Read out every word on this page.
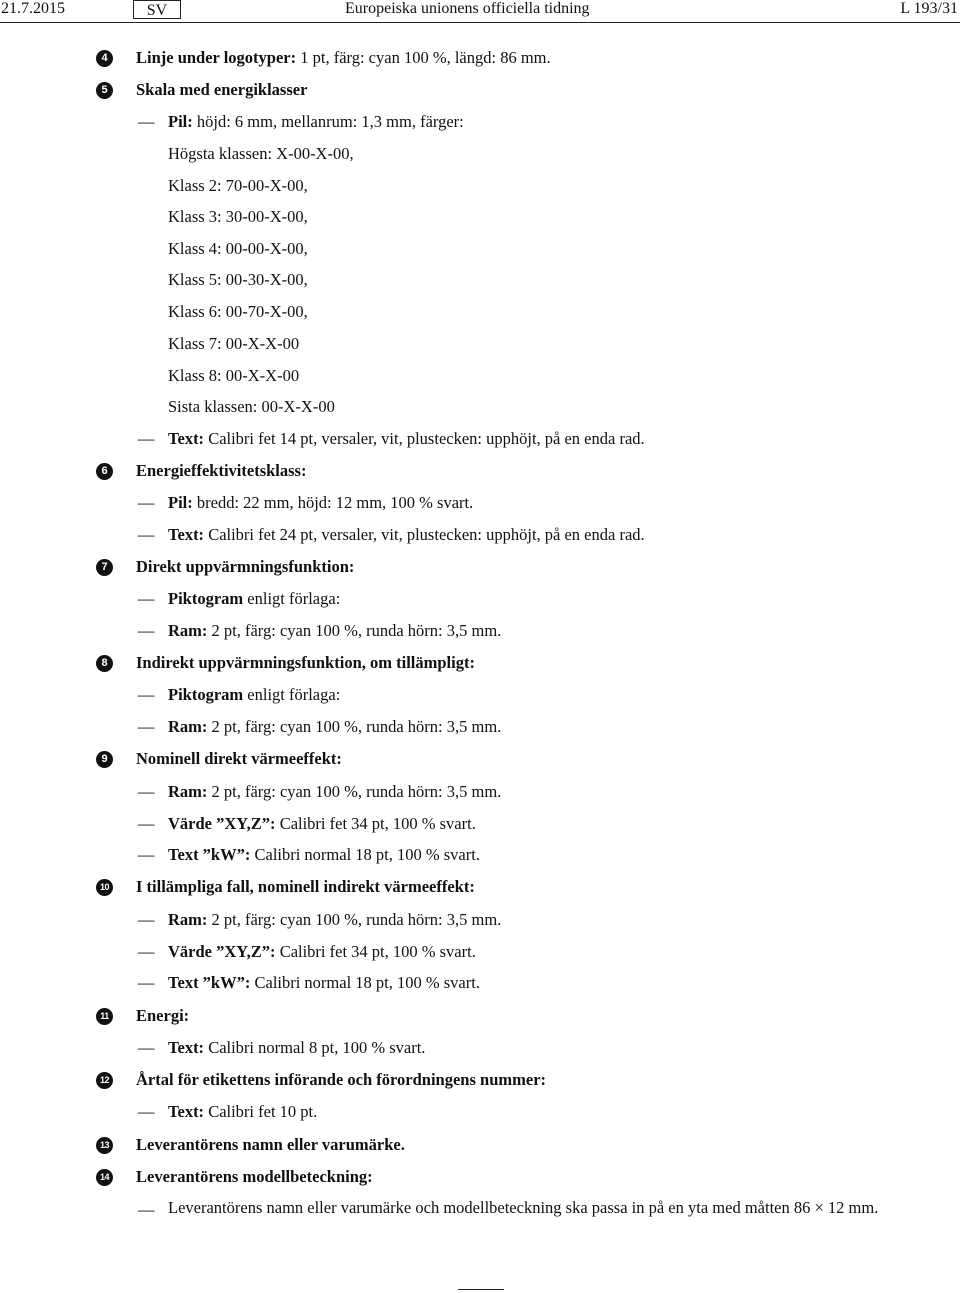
21.7.2015	SV	Europeiska unionens officiella tidning	L 193/31
4	Linje under logotyper: 1 pt, färg: cyan 100 %, längd: 86 mm.
5	Skala med energiklasser
— Pil: höjd: 6 mm, mellanrum: 1,3 mm, färger:
Högsta klassen: X-00-X-00,
Klass 2: 70-00-X-00,
Klass 3: 30-00-X-00,
Klass 4: 00-00-X-00,
Klass 5: 00-30-X-00,
Klass 6: 00-70-X-00,
Klass 7: 00-X-X-00
Klass 8: 00-X-X-00
Sista klassen: 00-X-X-00
— Text: Calibri fet 14 pt, versaler, vit, plustecken: upphöjt, på en enda rad.
6	Energieffektivitetsklass:
— Pil: bredd: 22 mm, höjd: 12 mm, 100 % svart.
— Text: Calibri fet 24 pt, versaler, vit, plustecken: upphöjt, på en enda rad.
7	Direkt uppvärmningsfunktion:
— Piktogram enligt förlaga:
— Ram: 2 pt, färg: cyan 100 %, runda hörn: 3,5 mm.
8	Indirekt uppvärmningsfunktion, om tillämpligt:
— Piktogram enligt förlaga:
— Ram: 2 pt, färg: cyan 100 %, runda hörn: 3,5 mm.
9	Nominell direkt värmeeffekt:
— Ram: 2 pt, färg: cyan 100 %, runda hörn: 3,5 mm.
— Värde ”XY,Z”: Calibri fet 34 pt, 100 % svart.
— Text ”kW”: Calibri normal 18 pt, 100 % svart.
10 I tillämpliga fall, nominell indirekt värmeeffekt:
— Ram: 2 pt, färg: cyan 100 %, runda hörn: 3,5 mm.
— Värde ”XY,Z”: Calibri fet 34 pt, 100 % svart.
— Text ”kW”: Calibri normal 18 pt, 100 % svart.
11 Energi:
— Text: Calibri normal 8 pt, 100 % svart.
12 Årtal för etikettens införande och förordningens nummer:
— Text: Calibri fet 10 pt.
13 Leverantörens namn eller varumärke.
14 Leverantörens modellbeteckning:
— Leverantörens namn eller varumärke och modellbeteckning ska passa in på en yta med måtten 86 × 12 mm.
